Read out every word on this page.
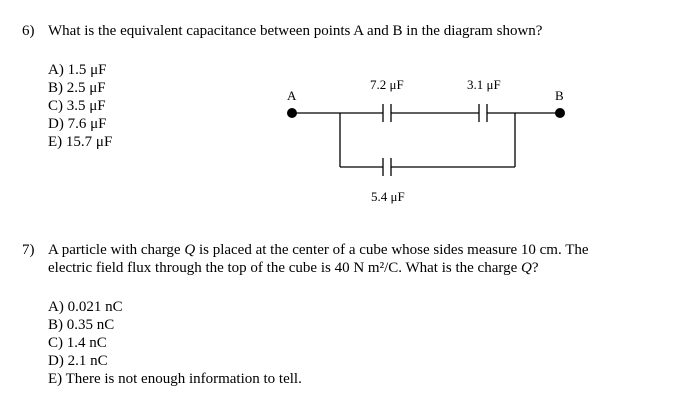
6) What is the equivalent capacitance between points A and B in the diagram shown?
A) 1.5 μF
B) 2.5 μF
C) 3.5 μF
D) 7.6 μF
E) 15.7 μF
A	B
7.2 μF	3.1 μF
5.4 μF
7) A particle with charge Q is placed at the center of a cube whose sides measure 10 cm. The
electric field flux through the top of the cube is 40 N m²/C. What is the charge Q?
A) 0.021 nC
B) 0.35 nC
C) 1.4 nC
D) 2.1 nC
E) There is not enough information to tell.
